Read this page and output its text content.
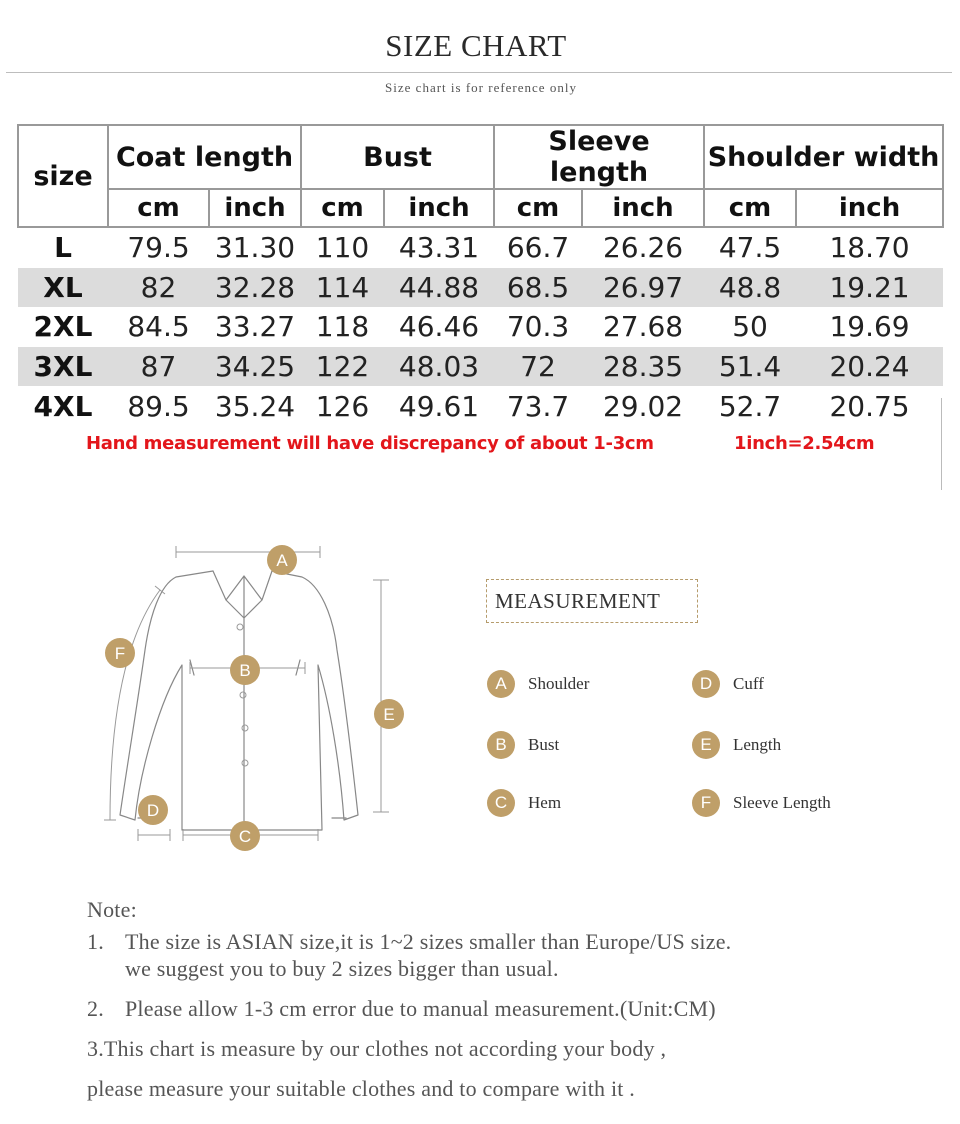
SIZE CHART
Size chart is for reference only
size	Coat length		Bust		Sleeve length		Shoulder width	
	cm	inch	cm	inch	cm	inch	cm	inch
L	79.5	31.30	110	43.31	66.7	26.26	47.5	18.70
XL	82	32.28	114	44.88	68.5	26.97	48.8	19.21
2XL	84.5	33.27	118	46.46	70.3	27.68	50	19.69
3XL	87	34.25	122	48.03	72	28.35	51.4	20.24
4XL	89.5	35.24	126	49.61	73.7	29.02	52.7	20.75
Hand measurement will have discrepancy of about 1-3cm	1inch=2.54cm
A
B
C
D
E
F
MEASUREMENT
A	Shoulder
B	Bust
C	Hem
D	Cuff
E	Length
F	Sleeve Length
Note:
1. The size is ASIAN size,it is 1~2 sizes smaller than Europe/US size.
we suggest you to buy 2 sizes bigger than usual.
2. Please allow 1-3 cm error due to manual measurement.(Unit:CM)
3.This chart is measure by our clothes not according your body ,
please measure your suitable clothes and to compare with it .
